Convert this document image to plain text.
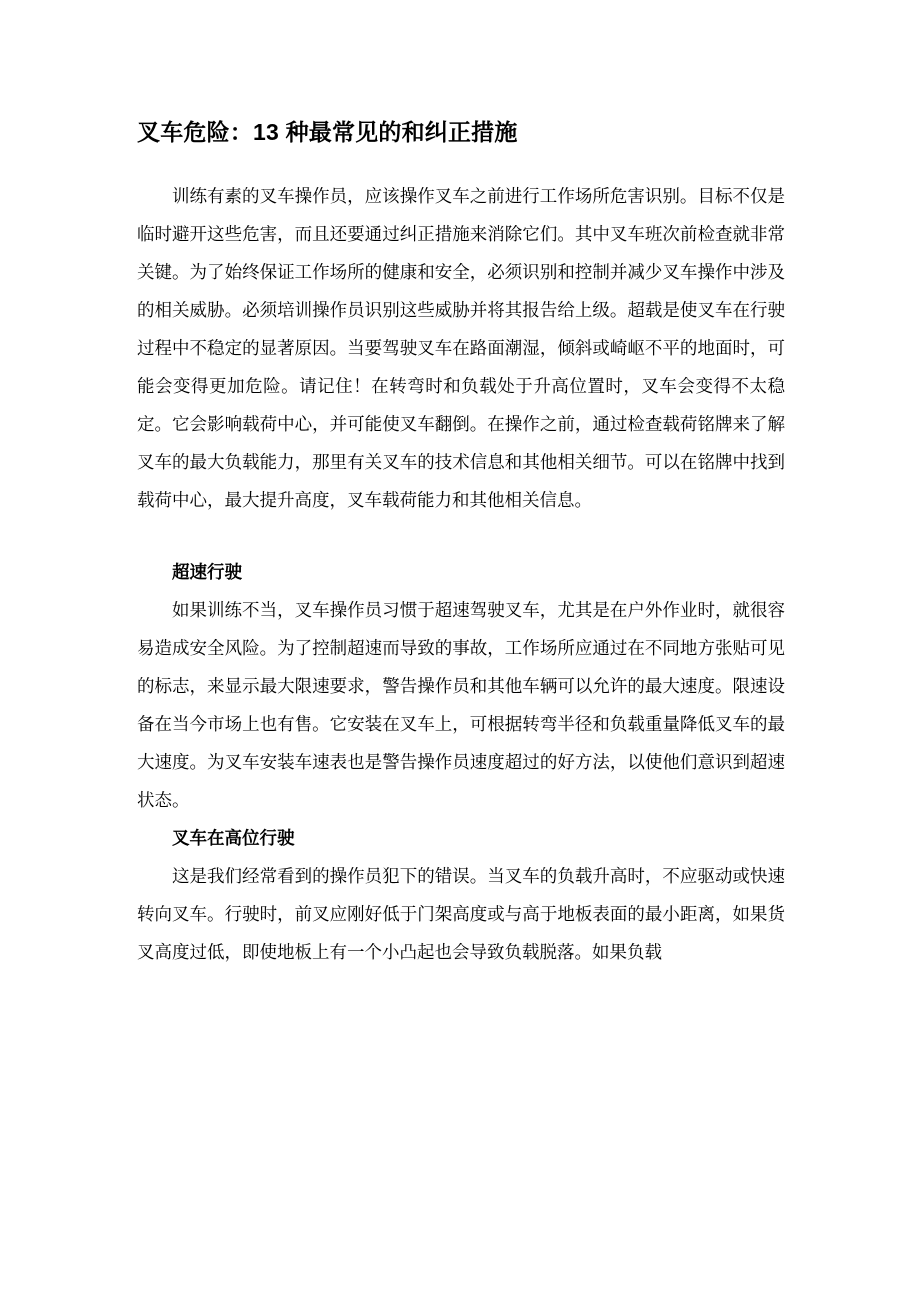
叉车危险：13 种最常见的和纠正措施

训练有素的叉车操作员，应该操作叉车之前进行工作场所危害识别。目标不仅是临时避开这些危害，而且还要通过纠正措施来消除它们。其中叉车班次前检查就非常关键。为了始终保证工作场所的健康和安全，必须识别和控制并减少叉车操作中涉及的相关威胁。必须培训操作员识别这些威胁并将其报告给上级。超载是使叉车在行驶过程中不稳定的显著原因。当要驾驶叉车在路面潮湿，倾斜或崎岖不平的地面时，可能会变得更加危险。请记住！在转弯时和负载处于升高位置时，叉车会变得不太稳定。它会影响载荷中心，并可能使叉车翻倒。在操作之前，通过检查载荷铭牌来了解叉车的最大负载能力，那里有关叉车的技术信息和其他相关细节。可以在铭牌中找到载荷中心，最大提升高度，叉车载荷能力和其他相关信息。

超速行驶

如果训练不当，叉车操作员习惯于超速驾驶叉车，尤其是在户外作业时，就很容易造成安全风险。为了控制超速而导致的事故，工作场所应通过在不同地方张贴可见的标志，来显示最大限速要求，警告操作员和其他车辆可以允许的最大速度。限速设备在当今市场上也有售。它安装在叉车上，可根据转弯半径和负载重量降低叉车的最大速度。为叉车安装车速表也是警告操作员速度超过的好方法，以使他们意识到超速状态。

叉车在高位行驶

这是我们经常看到的操作员犯下的错误。当叉车的负载升高时，不应驱动或快速转向叉车。行驶时，前叉应刚好低于门架高度或与高于地板表面的最小距离，如果货叉高度过低，即使地板上有一个小凸起也会导致负载脱落。如果负载
